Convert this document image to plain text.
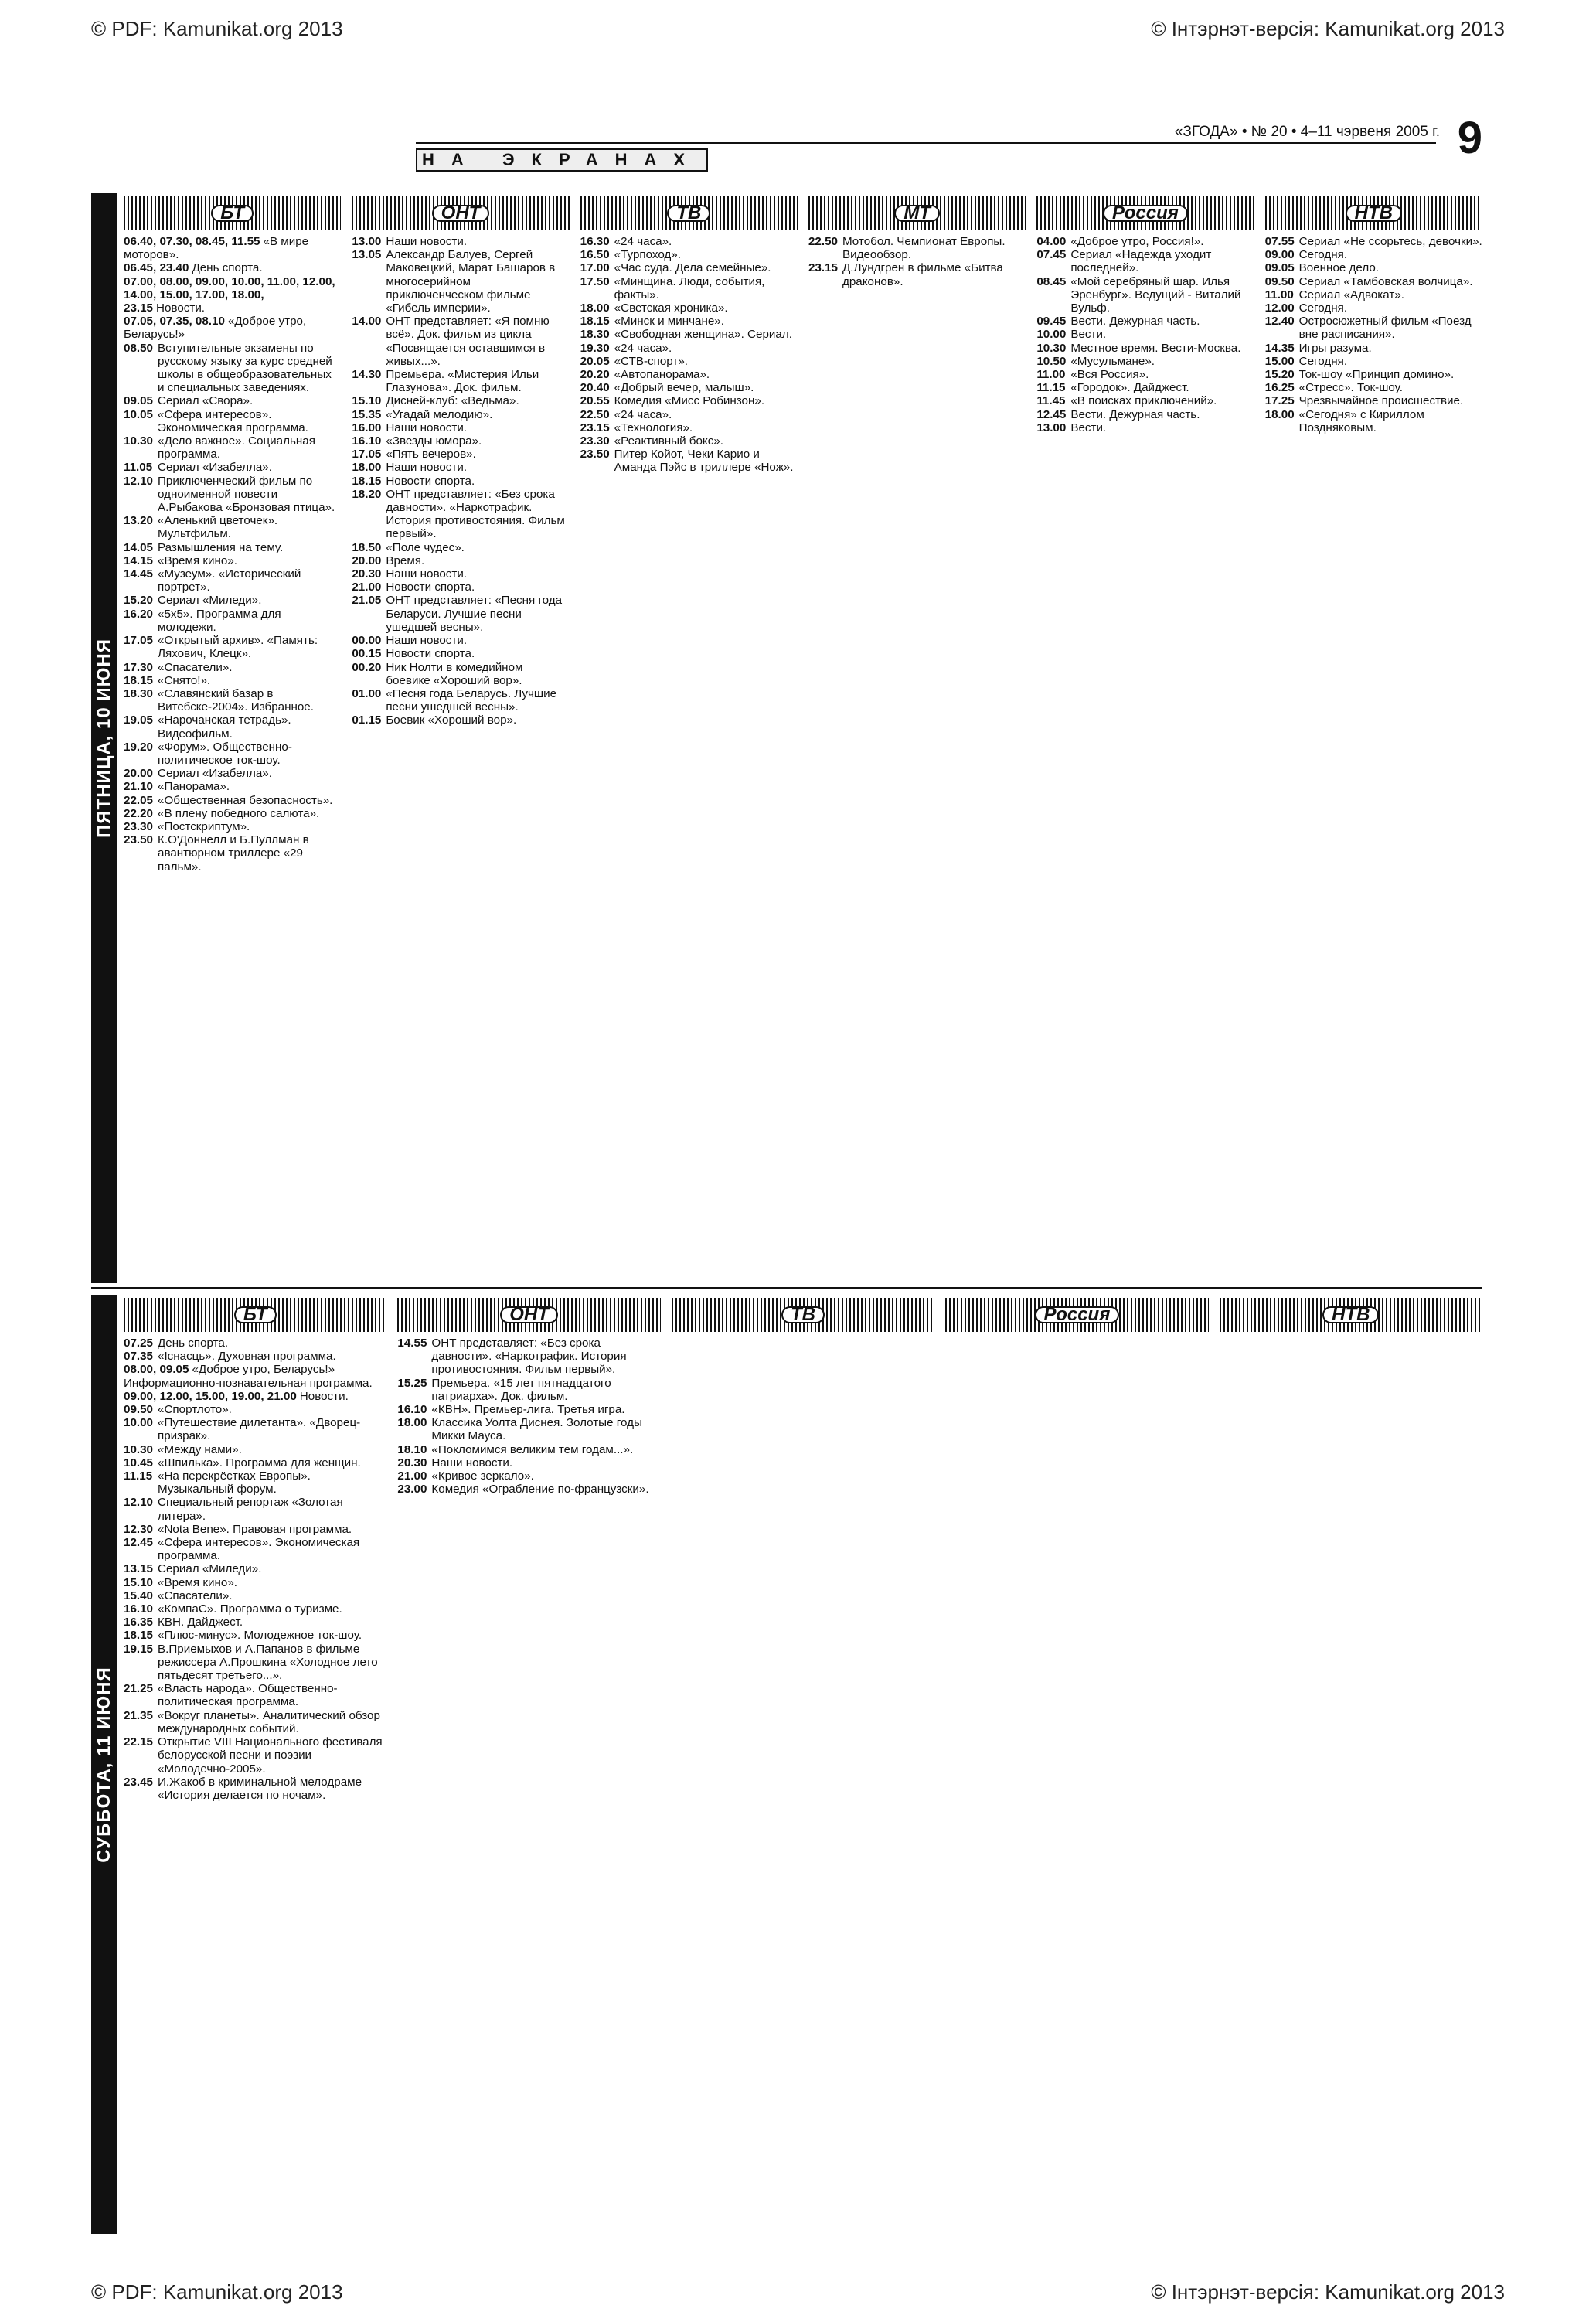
© PDF: Kamunikat.org 2013	© Інтэрнэт-версія: Kamunikat.org 2013
© PDF: Kamunikat.org 2013	© Інтэрнэт-версія: Kamunikat.org 2013
«ЗГОДА» • № 20 • 4–11 чэрвеня 2005 г. 9
НА ЭКРАНАХ
ПЯТНИЦА, 10 ИЮНЯ
БТ
06.40, 07.30, 08.45, 11.55 «В мире моторов».
06.45, 23.40 День спорта.
07.00, 08.00, 09.00, 10.00, 11.00, 12.00, 14.00, 15.00, 17.00, 18.00, 23.15 Новости.
07.05, 07.35, 08.10 «Доброе утро, Беларусь!»
08.50 Вступительные экзамены по русскому языку за курс средней школы в общеобразовательных и специальных заведениях.
09.05 Сериал «Свора».
10.05 «Сфера интересов». Экономическая программа.
10.30 «Дело важное». Социальная программа.
11.05 Сериал «Изабелла».
12.10 Приключенческий фильм по одноименной повести А.Рыбакова «Бронзовая птица».
13.20 «Аленький цветочек». Мультфильм.
14.05 Размышления на тему.
14.15 «Время кино».
14.45 «Музеум». «Исторический портрет».
15.20 Сериал «Миледи».
16.20 «5х5». Программа для молодежи.
17.05 «Открытый архив». «Память: Ляхович, Клецк».
17.30 «Спасатели».
18.15 «Снято!».
18.30 «Славянский базар в Витебске-2004». Избранное.
19.05 «Нарочанская тетрадь». Видеофильм.
19.20 «Форум». Общественно-политическое ток-шоу.
20.00 Сериал «Изабелла».
21.10 «Панорама».
22.05 «Общественная безопасность».
22.20 «В плену победного салюта».
23.30 «Постскриптум».
23.50 К.О'Доннелл и Б.Пуллман в авантюрном триллере «29 пальм».
ОНТ
13.00 Наши новости.
13.05 Александр Балуев, Сергей Маковецкий, Марат Башаров в многосерийном приключенческом фильме «Гибель империи».
14.00 ОНТ представляет: «Я помню всё». Док. фильм из цикла «Посвящается оставшимся в живых...».
14.30 Премьера. «Мистерия Ильи Глазунова». Док. фильм.
15.10 Дисней-клуб: «Ведьма».
15.35 «Угадай мелодию».
16.00 Наши новости.
16.10 «Звезды юмора».
17.05 «Пять вечеров».
18.00 Наши новости.
18.15 Новости спорта.
18.20 ОНТ представляет: «Без срока давности». «Наркотрафик. История противостояния. Фильм первый».
18.50 «Поле чудес».
20.00 Время.
20.30 Наши новости.
21.00 Новости спорта.
21.05 ОНТ представляет: «Песня года Беларуси. Лучшие песни ушедшей весны».
00.00 Наши новости.
00.15 Новости спорта.
00.20 Ник Нолти в комедийном боевике «Хороший вор».
01.00 «Песня года Беларусь. Лучшие песни ушедшей весны».
01.15 Боевик «Хороший вор».
ТВ
16.30 «24 часа».
16.50 «Турпоход».
17.00 «Час суда. Дела семейные».
17.50 «Минщина. Люди, события, факты».
18.00 «Светская хроника».
18.15 «Минск и минчане».
18.30 «Свободная женщина». Сериал.
19.30 «24 часа».
20.05 «СТВ-спорт».
20.20 «Автопанорама».
20.40 «Добрый вечер, малыш».
20.55 Комедия «Мисс Робинзон».
22.50 «24 часа».
23.15 «Технология».
23.30 «Реактивный бокс».
23.50 Питер Койот, Чеки Карио и Аманда Пэйс в триллере «Нож».
МТ
22.50 Мотобол. Чемпионат Европы. Видеообзор.
23.15 Д.Лундгрен в фильме «Битва драконов».
Россия
04.00 «Доброе утро, Россия!».
07.45 Сериал «Надежда уходит последней».
08.45 «Мой серебряный шар. Илья Эренбург». Ведущий - Виталий Вульф.
09.45 Вести. Дежурная часть.
10.00 Вести.
10.30 Местное время. Вести-Москва.
10.50 «Мусульмане».
11.00 «Вся Россия».
11.15 «Городок». Дайджест.
11.45 «В поисках приключений».
12.45 Вести. Дежурная часть.
13.00 Вести.
НТВ
07.55 Сериал «Не ссорьтесь, девочки».
09.00 Сегодня.
09.05 Военное дело.
09.50 Сериал «Тамбовская волчица».
11.00 Сериал «Адвокат».
12.00 Сегодня.
12.40 Остросюжетный фильм «Поезд вне расписания».
14.35 Игры разума.
15.00 Сегодня.
15.20 Ток-шоу «Принцип домино».
16.25 «Стресс». Ток-шоу.
17.25 Чрезвычайное происшествие.
18.00 «Сегодня» с Кириллом Поздняковым.
СУББОТА, 11 ИЮНЯ
БТ
07.25 День спорта.
07.35 «Існасць». Духовная программа.
08.00, 09.05 «Доброе утро, Беларусь!» Информационно-познавательная программа.
09.00, 12.00, 15.00, 19.00, 21.00 Новости.
09.50 «Спортлото».
10.00 «Путешествие дилетанта». «Дворец-призрак».
10.30 «Между нами».
10.45 «Шпилька». Программа для женщин.
11.15 «На перекрёстках Европы». Музыкальный форум.
12.10 Специальный репортаж «Золотая литера».
12.30 «Nota Bene». Правовая программа.
12.45 «Сфера интересов». Экономическая программа.
13.15 Сериал «Миледи».
15.10 «Время кино».
15.40 «Спасатели».
16.10 «КомпаС». Программа о туризме.
16.35 КВН. Дайджест.
18.15 «Плюс-минус». Молодежное ток-шоу.
19.15 В.Приемыхов и А.Папанов в фильме режиссера А.Прошкина «Холодное лето пятьдесят третьего...».
21.25 «Власть народа». Общественно-политическая программа.
21.35 «Вокруг планеты». Аналитический обзор международных событий.
22.15 Открытие VIII Национального фестиваля белорусской песни и поэзии «Молодечно-2005».
23.45 И.Жакоб в криминальной мелодраме «История делается по ночам».
ОНТ
14.55 ОНТ представляет: «Без срока давности». «Наркотрафик. История противостояния. Фильм первый».
15.25 Премьера. «15 лет пятнадцатого патриарха». Док. фильм.
16.10 «КВН». Премьер-лига. Третья игра.
18.00 Классика Уолта Диснея. Золотые годы Микки Мауса.
18.10 «Покломимся великим тем годам...».
20.30 Наши новости.
21.00 «Кривое зеркало».
23.00 Комедия «Ограбление по-французски».
ТВ	Россия	НТВ
